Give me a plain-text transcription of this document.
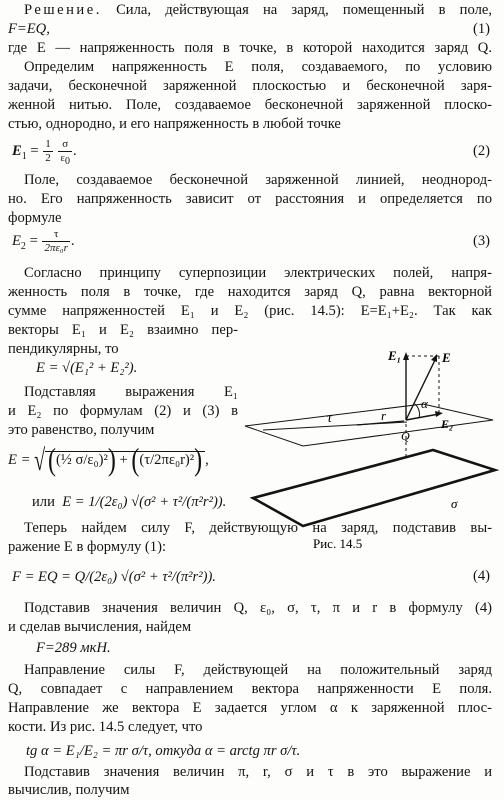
Решение. Сила, действующая на заряд, помещенный в поле,
F=EQ,	(1)
где E — напряженность поля в точке, в которой находится заряд Q.
Определим напряженность E поля, создаваемого, по условию
задачи, бесконечной заряженной плоскостью и бесконечной заря-
женной нитью. Поле, создаваемое бесконечной заряженной плоско-
стью, однородно, и его напряженность в любой точке
$E_1 = \frac{1}{2}$
$\frac{\sigma}{\varepsilon_0}$ .	(2)
Поле, создаваемое бесконечной заряженной линией, неоднород-
но. Его напряженность зависит от расстояния и определяется по
формуле
$E_2 = \frac{\tau}{\text{2πε₀r}}$ .	(3)
Согласно принципу суперпозиции электрических полей, напря-
женность поля в точке, где находится заряд Q, равна векторной
сумме напряженностей E₁ и E₂ (рис. 14.5): E=E₁+E₂. Так как
векторы E₁ и E₂ взаимно пер-
пендикулярны, то
E = √(E₁² + E₂²).
Подставляя выражения E₁
и E₂ по формулам (2) и (3) в
это равенство, получим
E = √ ((½ σ/ε₀)²) + ((τ/2πε₀r)²) ,
или E = 1/(2ε₀) √(σ² + τ²/(π²r²)).
Теперь найдем силу F, действующую на заряд, подставив вы-
ражение E в формулу (1):
F = EQ = Q/(2ε₀) √(σ² + τ²/(π²r²)).	(4)
Подставив значения величин Q, ε₀, σ, τ, π и r в формулу (4)
и сделав вычисления, найдем
F=289 мкН.
Направление силы F, действующей на положительный заряд
Q, совпадает с направлением вектора напряженности E поля.
Направление же вектора E задается углом α к заряженной плос-
кости. Из рис. 14.5 следует, что
tg α = E₁/E₂ = πr σ/τ, откуда α = arctg πr σ/τ.
Подставив значения величин π, r, σ и τ в это выражение и
вычислив, получим
E₁	E
E₂
τ	r
α
Q
σ
Рис. 14.5
